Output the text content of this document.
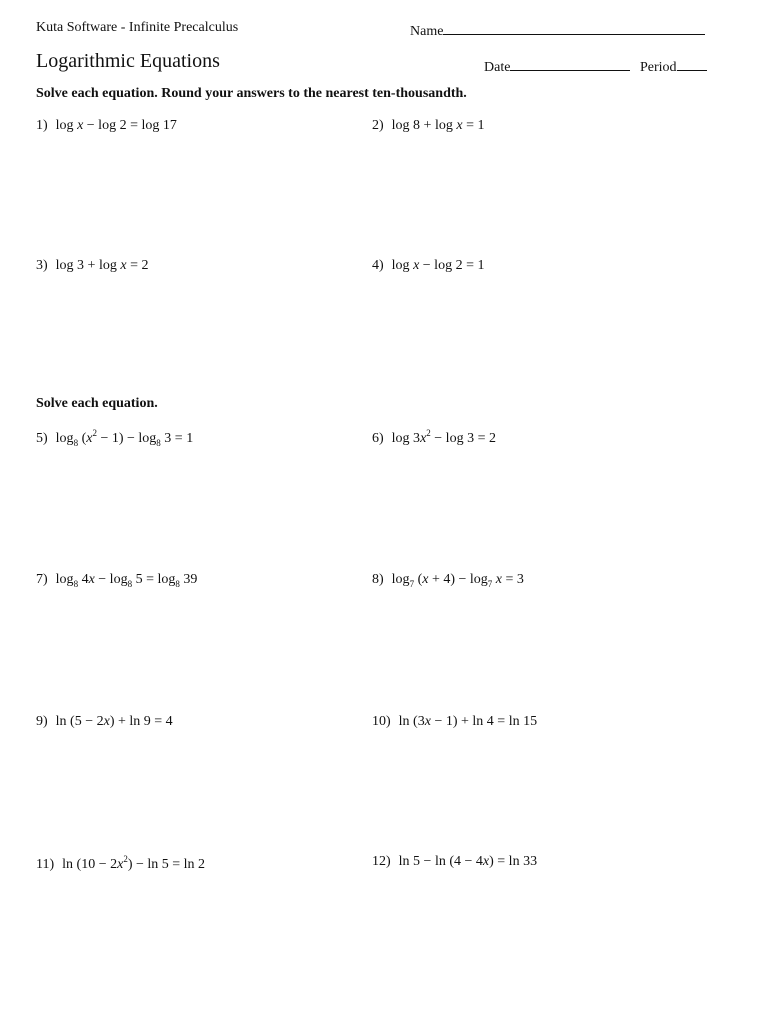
Kuta Software - Infinite Precalculus	Name
Logarithmic Equations	Date	Period
Solve each equation. Round your answers to the nearest ten-thousandth.
1) log x − log 2 = log 17	2) log 8 + log x = 1
3) log 3 + log x = 2	4) log x − log 2 = 1
Solve each equation.
5) $\log_8 (x^2 - 1) - \log_8 3 = 1$	6) $\log 3x^2 - \log 3 = 2$
7) $\log_8 4x - \log_8 5 = \log_8 39$	8) $\log_7 (x + 4) - \log_7 x = 3$
9) ln (5 − 2x) + ln 9 = 4	10) ln (3x − 1) + ln 4 = ln 15
11) $\ln (10 - 2x^2) - \ln 5 = \ln 2$	12) ln 5 − ln (4 − 4x) = ln 33
